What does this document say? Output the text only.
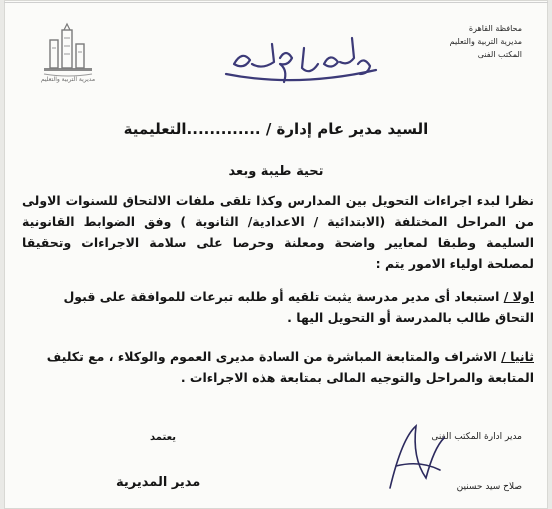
مديرية التربية والتعليم
محافظة القاهرة
مديرية التربية والتعليم
المكتب الفنى
السيد مدير عام إدارة / .............التعليمية
تحية طيبة وبعد
نظرا لبدء اجراءات التحويل بين المدارس وكذا تلقى ملفات الالتحاق للسنوات الاولى من المراحل المختلفة (الابتدائية / الاعدادية/ الثانوية ) وفق الضوابط القانونية السليمة وطبقا لمعايير واضحة ومعلنة وحرصا على سلامة الاجراءات وتحقيقا لمصلحة اولياء الامور يتم :
اولا / استبعاد أى مدير مدرسة يثبت تلقيه أو طلبه تبرعات للموافقة على قبول التحاق طالب بالمدرسة أو التحويل اليها .
ثانيا / الاشراف والمتابعة المباشرة من السادة مديرى العموم والوكلاء ، مع تكليف المتابعة والمراحل والتوجيه المالى بمتابعة هذه الاجراءات .
مدير ادارة المكتب الفنى
صلاح سيد حسنين
يعتمد
مدير المديرية
